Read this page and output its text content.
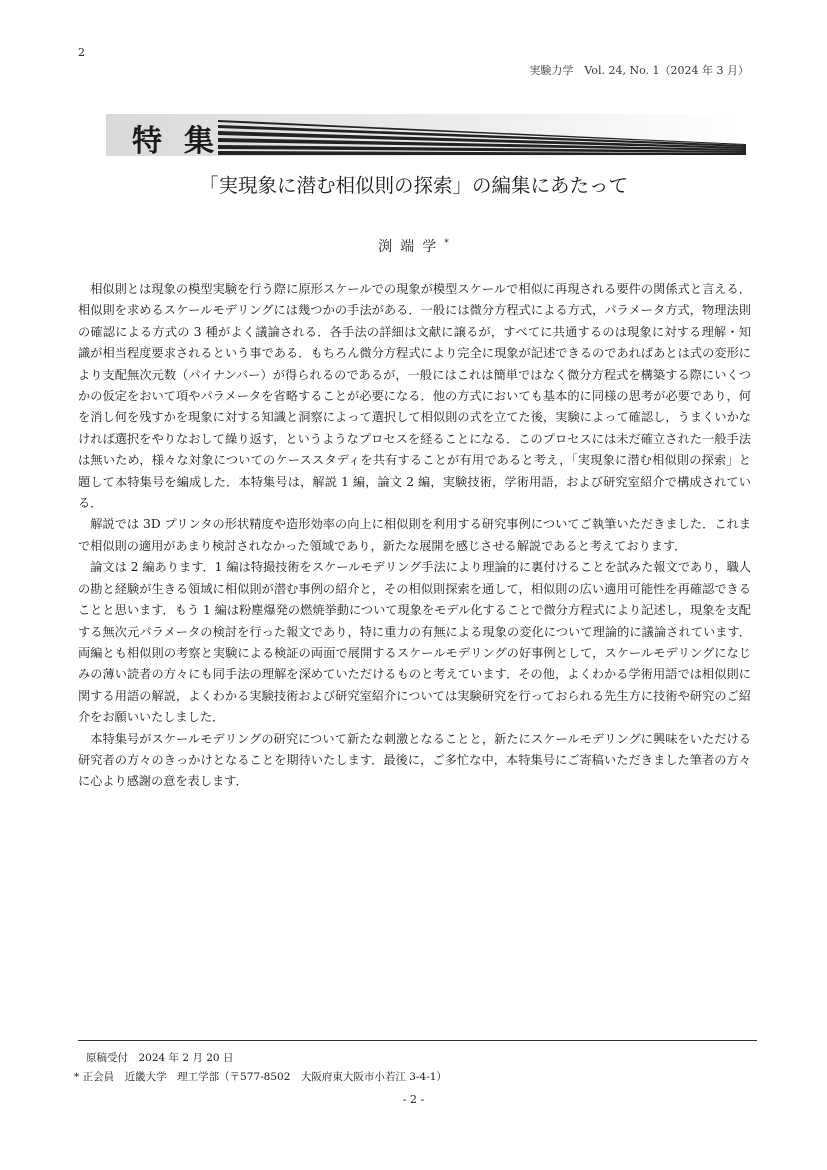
2
実験力学　Vol. 24, No. 1（2024 年 3 月）
特集
「実現象に潜む相似則の探索」の編集にあたって
渕端学*

相似則とは現象の模型実験を行う際に原形スケールでの現象が模型スケールで相似に再現される要件の関係式と言える．相似則を求めるスケールモデリングには幾つかの手法がある．一般には微分方程式による方式，パラメータ方式，物理法則の確認による方式の 3 種がよく議論される．各手法の詳細は文献に譲るが，すべてに共通するのは現象に対する理解・知識が相当程度要求されるという事である．もちろん微分方程式により完全に現象が記述できるのであればあとは式の変形により支配無次元数（パイナンバー）が得られるのであるが，一般にはこれは簡単ではなく微分方程式を構築する際にいくつかの仮定をおいて項やパラメータを省略することが必要になる．他の方式においても基本的に同様の思考が必要であり，何を消し何を残すかを現象に対する知識と洞察によって選択して相似則の式を立てた後，実験によって確認し，うまくいかなければ選択をやりなおして繰り返す，というようなプロセスを経ることになる．このプロセスには未だ確立された一般手法は無いため，様々な対象についてのケーススタディを共有することが有用であると考え，「実現象に潜む相似則の探索」と題して本特集号を編成した．本特集号は，解説 1 編，論文 2 編，実験技術，学術用語，および研究室紹介で構成されている．

解説では 3D プリンタの形状精度や造形効率の向上に相似則を利用する研究事例についてご執筆いただきました．これまで相似則の適用があまり検討されなかった領域であり，新たな展開を感じさせる解説であると考えております．

論文は 2 編あります．1 編は特撮技術をスケールモデリング手法により理論的に裏付けることを試みた報文であり，職人の勘と経験が生きる領域に相似則が潜む事例の紹介と，その相似則探索を通して，相似則の広い適用可能性を再確認できることと思います．もう 1 編は粉塵爆発の燃焼挙動について現象をモデル化することで微分方程式により記述し，現象を支配する無次元パラメータの検討を行った報文であり，特に重力の有無による現象の変化について理論的に議論されています．両編とも相似則の考察と実験による検証の両面で展開するスケールモデリングの好事例として，スケールモデリングになじみの薄い読者の方々にも同手法の理解を深めていただけるものと考えています．その他，よくわかる学術用語では相似則に関する用語の解説，よくわかる実験技術および研究室紹介については実験研究を行っておられる先生方に技術や研究のご紹介をお願いいたしました．

本特集号がスケールモデリングの研究について新たな刺激となることと，新たにスケールモデリングに興味をいただける研究者の方々のきっかけとなることを期待いたします．最後に，ご多忙な中，本特集号にご寄稿いただきました筆者の方々に心より感謝の意を表します．

原稿受付　2024 年 2 月 20 日
* 正会員　近畿大学　理工学部（〒577-8502　大阪府東大阪市小若江 3-4-1）
- 2 -
